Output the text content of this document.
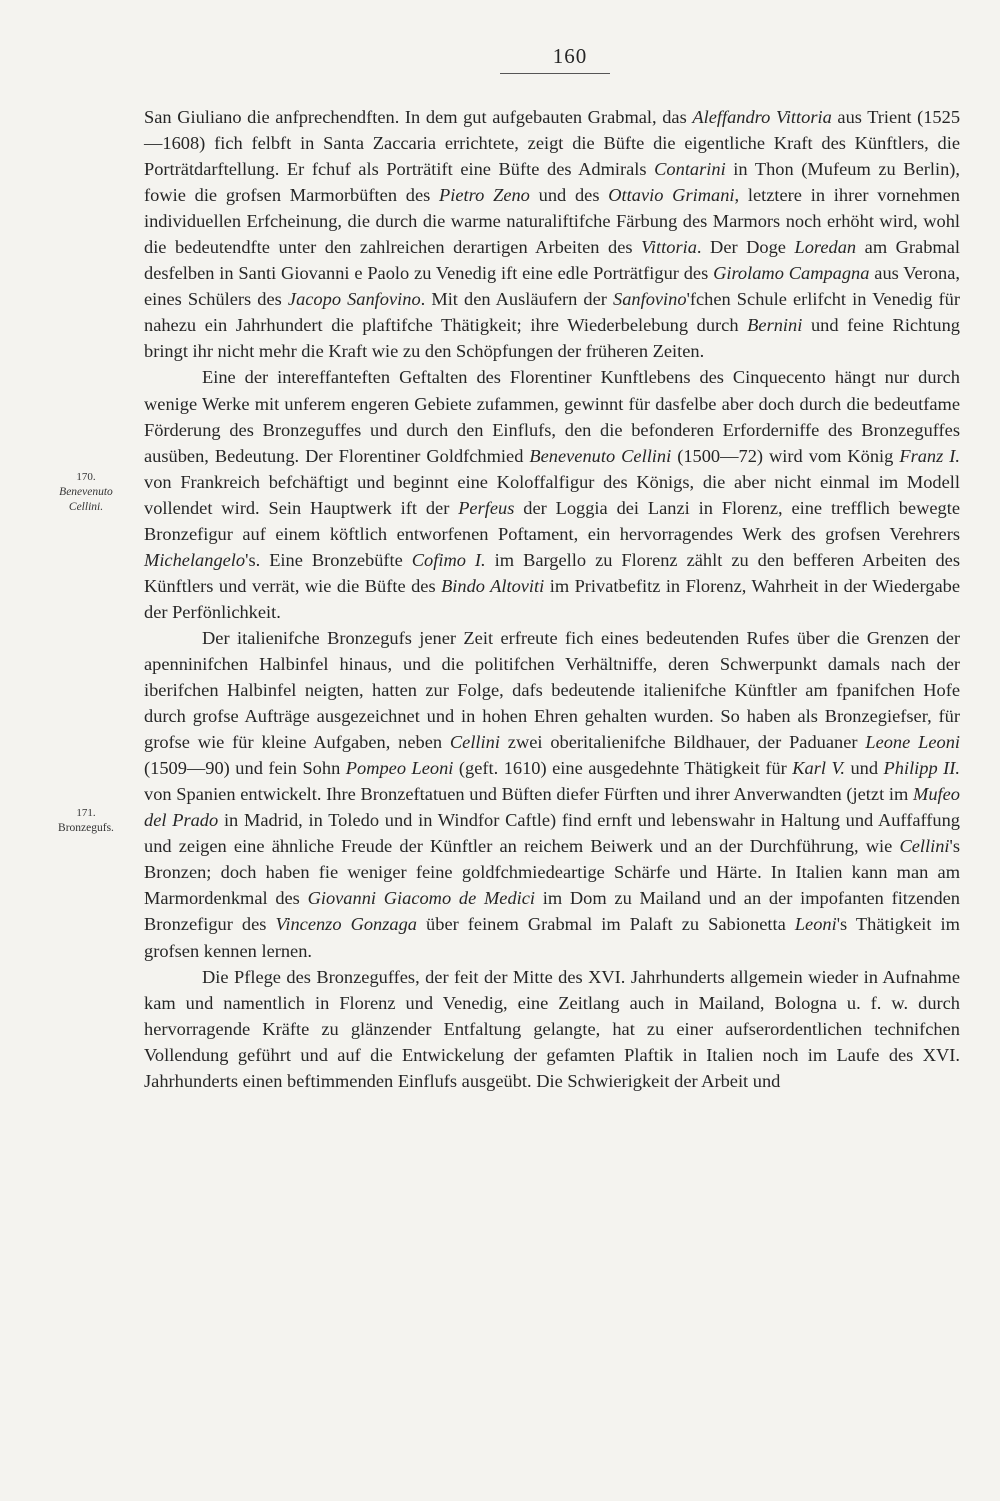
160
170.
Benevenuto
Cellini.
171.
Bronzegufs.

San Giuliano die anfprechendften. In dem gut aufgebauten Grabmal, das Aleffandro Vittoria aus Trient (1525—1608) fich felbft in Santa Zaccaria errichtete, zeigt die Büfte die eigentliche Kraft des Künftlers, die Porträtdarftellung. Er fchuf als Porträtift eine Büfte des Admirals Contarini in Thon (Mufeum zu Berlin), fowie die grofsen Marmorbüften des Pietro Zeno und des Ottavio Grimani, letztere in ihrer vornehmen individuellen Erfcheinung, die durch die warme naturaliftifche Färbung des Marmors noch erhöht wird, wohl die bedeutendfte unter den zahlreichen derartigen Arbeiten des Vittoria. Der Doge Loredan am Grabmal desfelben in Santi Giovanni e Paolo zu Venedig ift eine edle Porträtfigur des Girolamo Campagna aus Verona, eines Schülers des Jacopo Sanfovino. Mit den Ausläufern der Sanfovino'fchen Schule erlifcht in Venedig für nahezu ein Jahrhundert die plaftifche Thätigkeit; ihre Wiederbelebung durch Bernini und feine Richtung bringt ihr nicht mehr die Kraft wie zu den Schöpfungen der früheren Zeiten.

Eine der intereffanteften Geftalten des Florentiner Kunftlebens des Cinquecento hängt nur durch wenige Werke mit unferem engeren Gebiete zufammen, gewinnt für dasfelbe aber doch durch die bedeutfame Förderung des Bronzeguffes und durch den Einflufs, den die befonderen Erforderniffe des Bronzeguffes ausüben, Bedeutung. Der Florentiner Goldfchmied Benevenuto Cellini (1500—72) wird vom König Franz I. von Frankreich befchäftigt und beginnt eine Koloffalfigur des Königs, die aber nicht einmal im Modell vollendet wird. Sein Hauptwerk ift der Perfeus der Loggia dei Lanzi in Florenz, eine trefflich bewegte Bronzefigur auf einem köftlich entworfenen Poftament, ein hervorragendes Werk des grofsen Verehrers Michelangelo's. Eine Bronzebüfte Cofimo I. im Bargello zu Florenz zählt zu den befferen Arbeiten des Künftlers und verrät, wie die Büfte des Bindo Altoviti im Privatbefitz in Florenz, Wahrheit in der Wiedergabe der Perfönlichkeit.

Der italienifche Bronzegufs jener Zeit erfreute fich eines bedeutenden Rufes über die Grenzen der apenninifchen Halbinfel hinaus, und die politifchen Verhältniffe, deren Schwerpunkt damals nach der iberifchen Halbinfel neigten, hatten zur Folge, dafs bedeutende italienifche Künftler am fpanifchen Hofe durch grofse Aufträge ausgezeichnet und in hohen Ehren gehalten wurden. So haben als Bronzegiefser, für grofse wie für kleine Aufgaben, neben Cellini zwei oberitalienifche Bildhauer, der Paduaner Leone Leoni (1509—90) und fein Sohn Pompeo Leoni (geft. 1610) eine ausgedehnte Thätigkeit für Karl V. und Philipp II. von Spanien entwickelt. Ihre Bronzeftatuen und Büften diefer Fürften und ihrer Anverwandten (jetzt im Mufeo del Prado in Madrid, in Toledo und in Windfor Caftle) find ernft und lebenswahr in Haltung und Auffaffung und zeigen eine ähnliche Freude der Künftler an reichem Beiwerk und an der Durchführung, wie Cellini's Bronzen; doch haben fie weniger feine goldfchmiedeartige Schärfe und Härte. In Italien kann man am Marmordenkmal des Giovanni Giacomo de Medici im Dom zu Mailand und an der impofanten fitzenden Bronzefigur des Vincenzo Gonzaga über feinem Grabmal im Palaft zu Sabionetta Leoni's Thätigkeit im grofsen kennen lernen.

Die Pflege des Bronzeguffes, der feit der Mitte des XVI. Jahrhunderts allgemein wieder in Aufnahme kam und namentlich in Florenz und Venedig, eine Zeitlang auch in Mailand, Bologna u. f. w. durch hervorragende Kräfte zu glänzender Entfaltung gelangte, hat zu einer aufserordentlichen technifchen Vollendung geführt und auf die Entwickelung der gefamten Plaftik in Italien noch im Laufe des XVI. Jahrhunderts einen beftimmenden Einflufs ausgeübt. Die Schwierigkeit der Arbeit und
